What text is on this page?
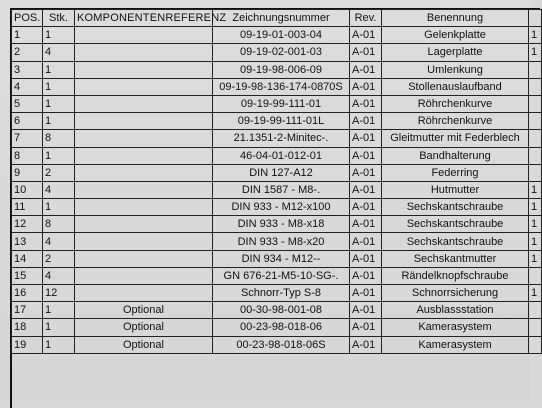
POS.	Stk.	KOMPONENTENREFERENZ	Zeichnungsnummer	Rev.	Benennung	
1	1		09-19-01-003-04	A-01	Gelenkplatte	1
2	4		09-19-02-001-03	A-01	Lagerplatte	1
3	1		09-19-98-006-09	A-01	Umlenkung	
4	1		09-19-98-136-174-0870S	A-01	Stollenauslaufband	
5	1		09-19-99-111-01	A-01	Röhrchenkurve	
6	1		09-19-99-111-01L	A-01	Röhrchenkurve	
7	8		21.1351-2-Minitec-.	A-01	Gleitmutter mit Federblech	
8	1		46-04-01-012-01	A-01	Bandhalterung	
9	2		DIN 127-A12	A-01	Federring	
10	4		DIN 1587 - M8-.	A-01	Hutmutter	1
11	1		DIN 933 - M12-x100	A-01	Sechskantschraube	1
12	8		DIN 933 - M8-x18	A-01	Sechskantschraube	1
13	4		DIN 933 - M8-x20	A-01	Sechskantschraube	1
14	2		DIN 934 - M12--	A-01	Sechskantmutter	1
15	4		GN 676-21-M5-10-SG-.	A-01	Rändelknopfschraube	
16	12		Schnorr-Typ S-8	A-01	Schnorrsicherung	1
17	1	Optional	00-30-98-001-08	A-01	Ausblassstation	
18	1	Optional	00-23-98-018-06	A-01	Kamerasystem	
19	1	Optional	00-23-98-018-06S	A-01	Kamerasystem	
